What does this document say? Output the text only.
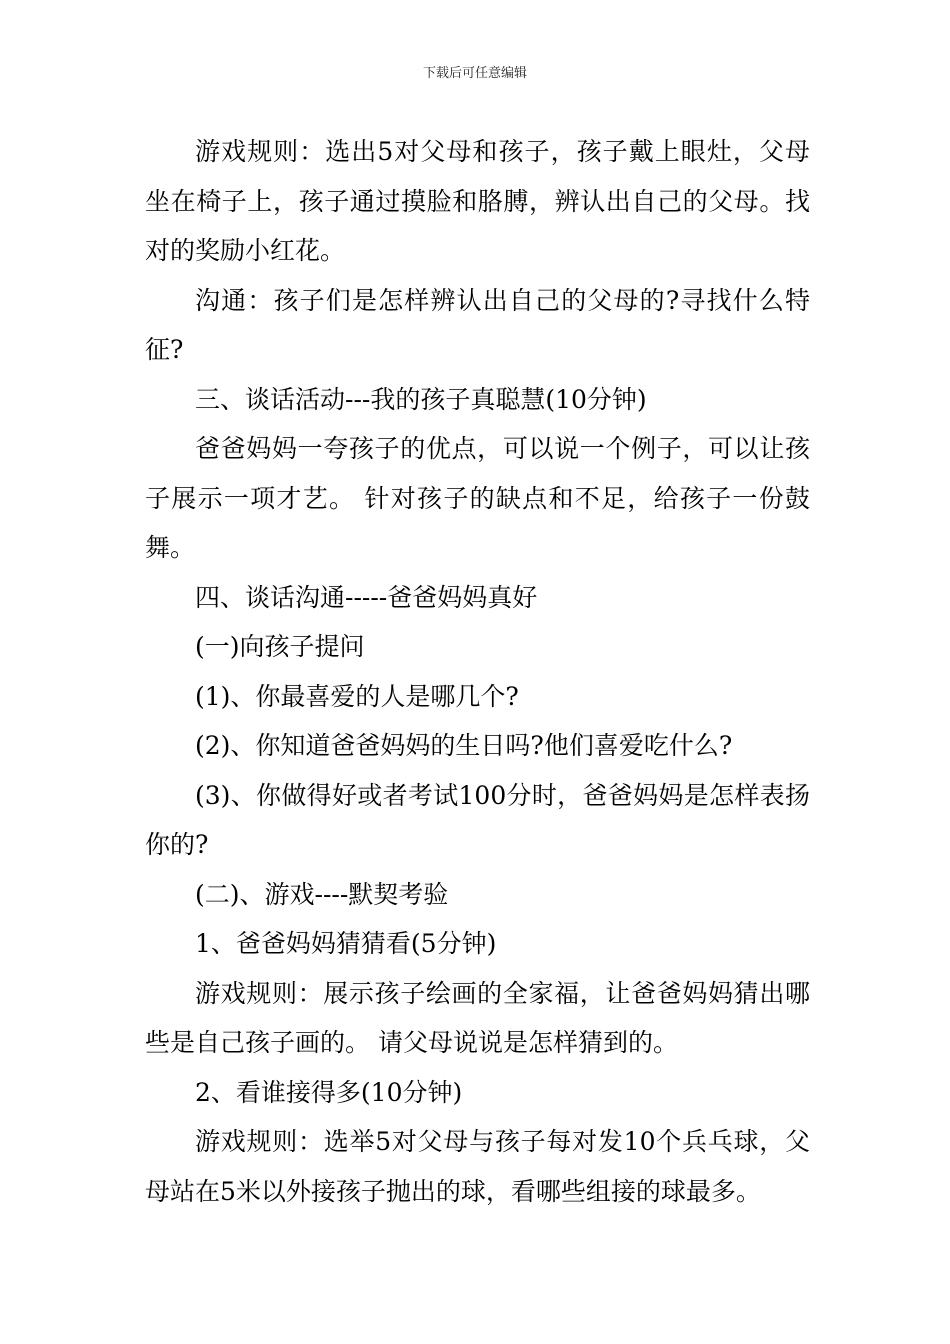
下载后可任意编辑

游戏规则：选出5对父母和孩子，孩子戴上眼灶，父母坐在椅子上，孩子通过摸脸和胳膊，辨认出自己的父母。找对的奖励小红花。

沟通：孩子们是怎样辨认出自己的父母的?寻找什么特征?

三、谈话活动---我的孩子真聪慧(10分钟)

爸爸妈妈一夸孩子的优点，可以说一个例子，可以让孩子展示一项才艺。 针对孩子的缺点和不足，给孩子一份鼓舞。

四、谈话沟通-----爸爸妈妈真好

(一)向孩子提问

(1)、你最喜爱的人是哪几个?

(2)、你知道爸爸妈妈的生日吗?他们喜爱吃什么?

(3)、你做得好或者考试100分时，爸爸妈妈是怎样表扬你的?

(二)、游戏----默契考验

1、爸爸妈妈猜猜看(5分钟)

游戏规则：展示孩子绘画的全家福，让爸爸妈妈猜出哪些是自己孩子画的。 请父母说说是怎样猜到的。

2、看谁接得多(10分钟)

游戏规则：选举5对父母与孩子每对发10个兵乓球，父母站在5米以外接孩子抛出的球，看哪些组接的球最多。
